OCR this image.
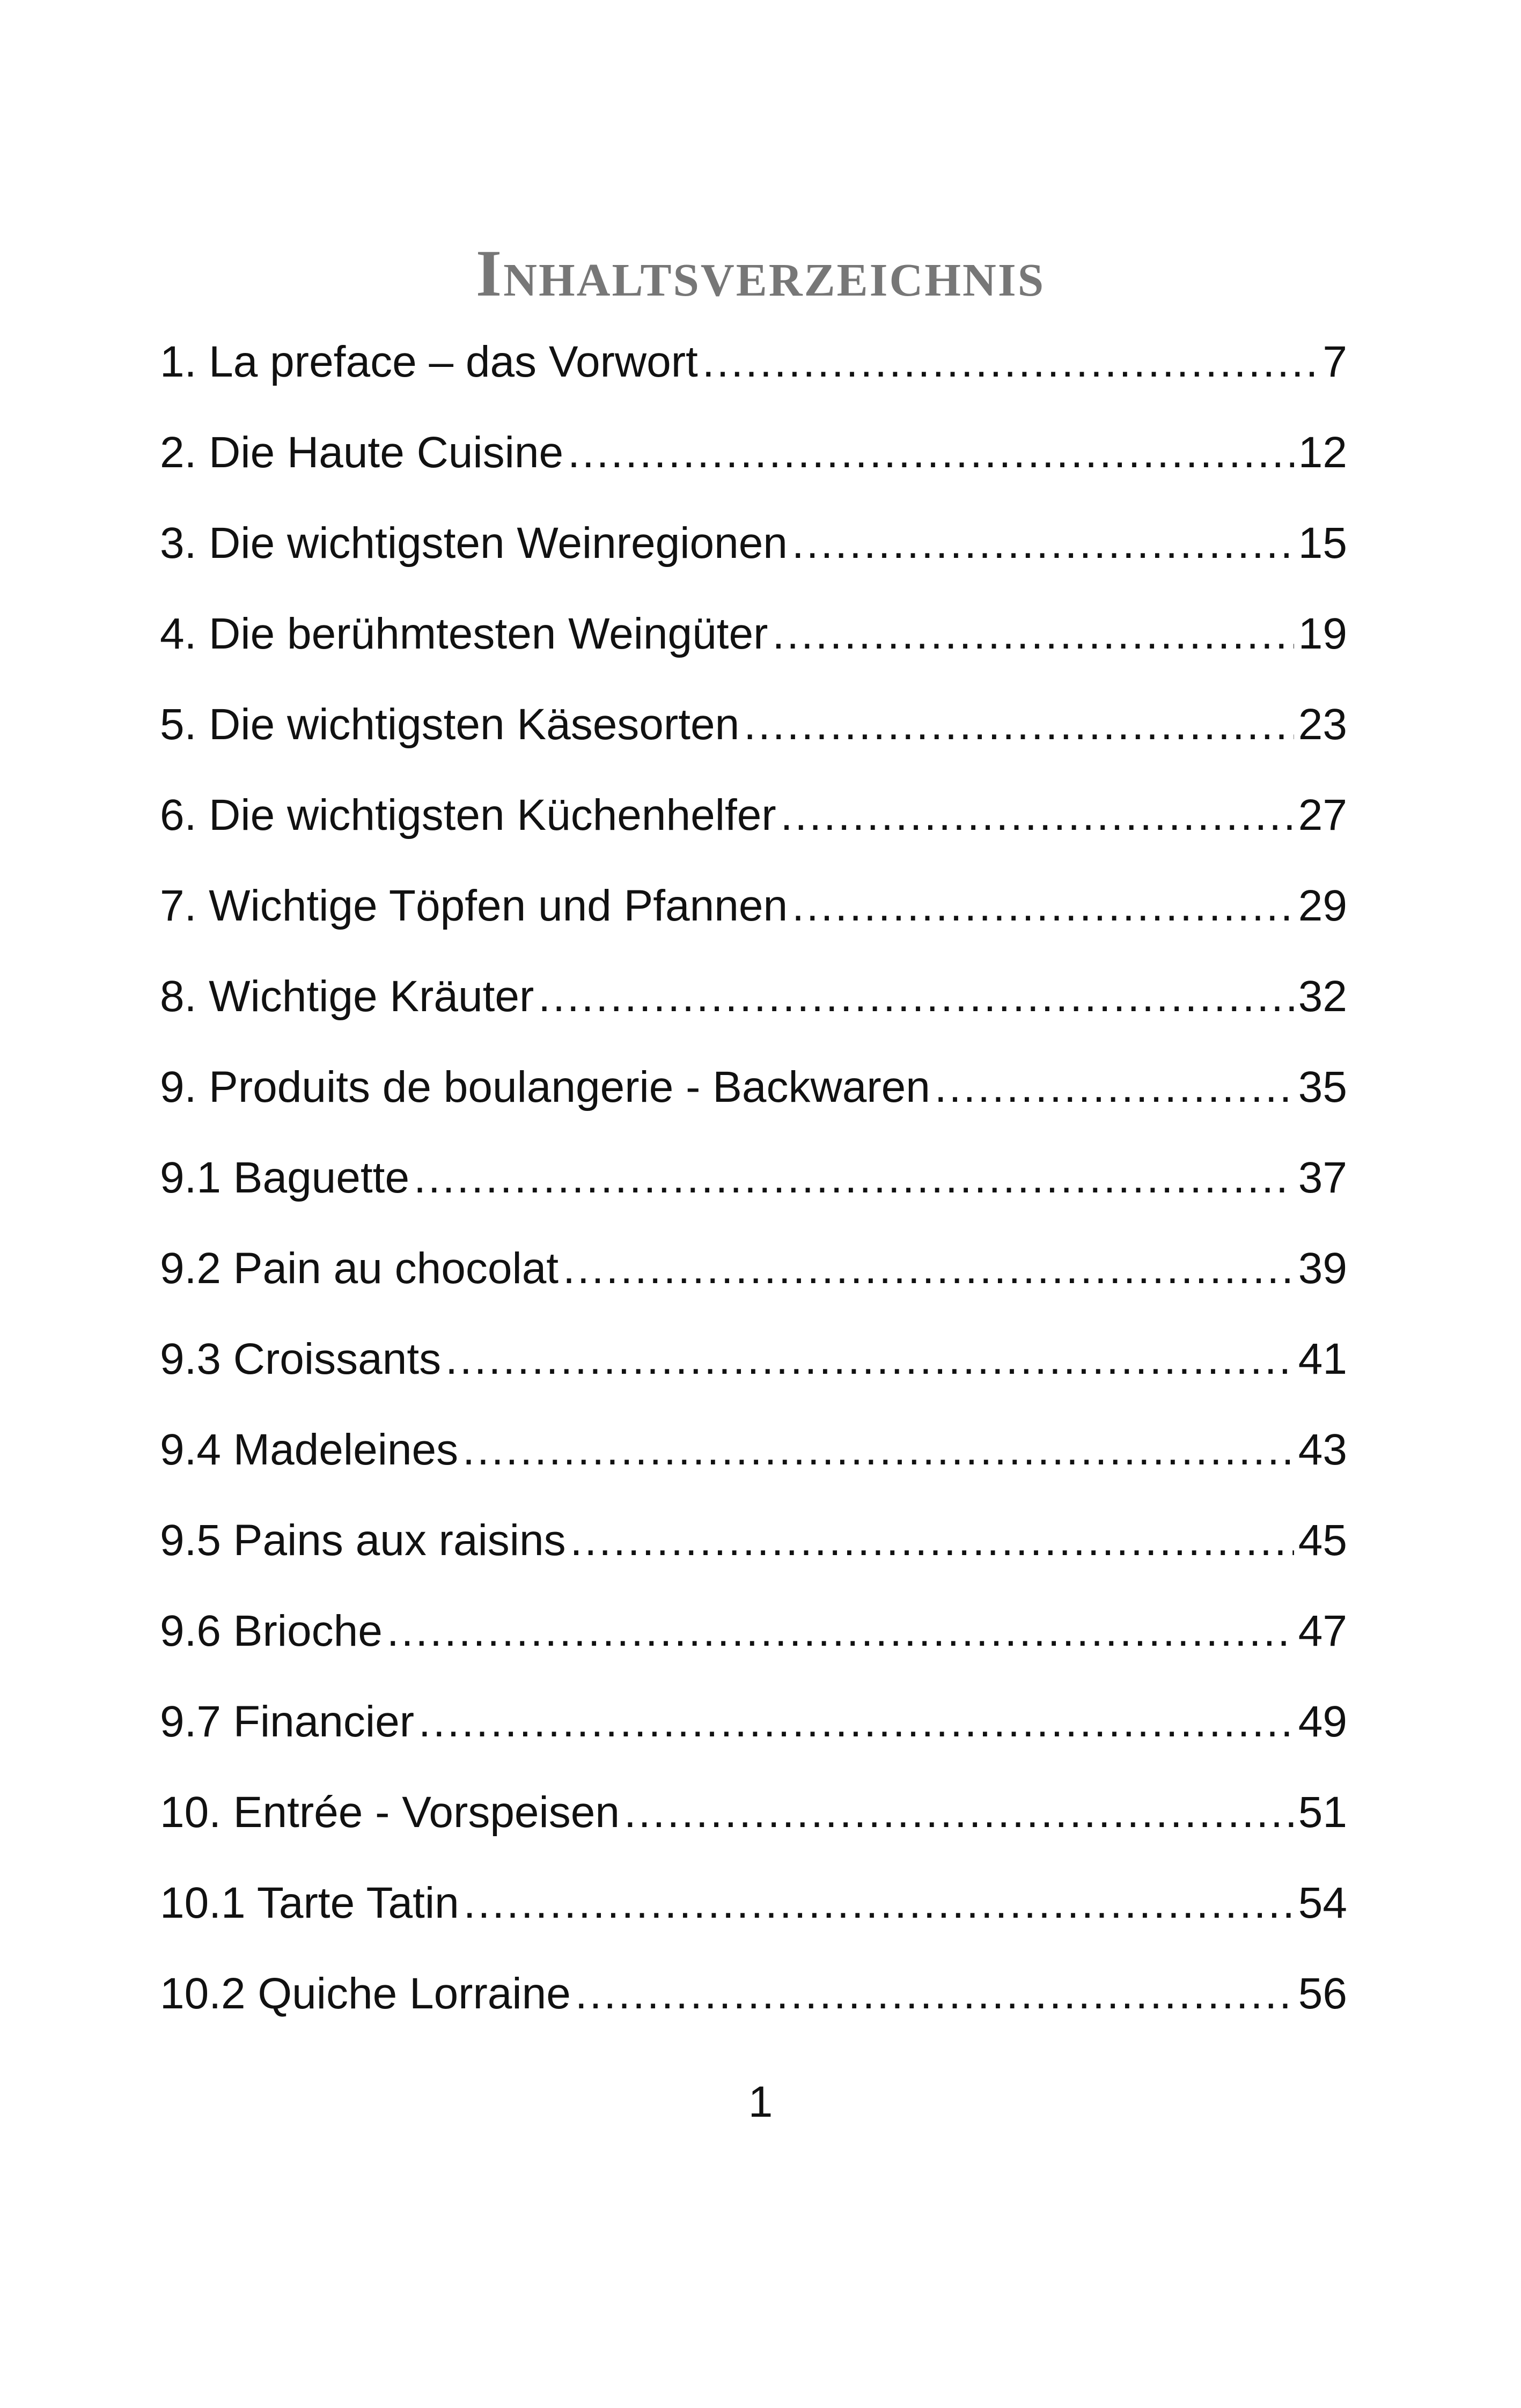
Inhaltsverzeichnis
1. La preface – das Vorwort .....	7
2. Die Haute Cuisine .....	12
3. Die wichtigsten Weinregionen .....	15
4. Die berühmtesten Weingüter .....	19
5. Die wichtigsten Käsesorten .....	23
6. Die wichtigsten Küchenhelfer .....	27
7. Wichtige Töpfen und Pfannen .....	29
8. Wichtige Kräuter .....	32
9. Produits de boulangerie - Backwaren .....	35
9.1 Baguette .....	37
9.2 Pain au chocolat .....	39
9.3 Croissants .....	41
9.4 Madeleines .....	43
9.5 Pains aux raisins .....	45
9.6 Brioche .....	47
9.7 Financier .....	49
10. Entrée - Vorspeisen .....	51
10.1 Tarte Tatin .....	54
10.2 Quiche Lorraine .....	56
1
